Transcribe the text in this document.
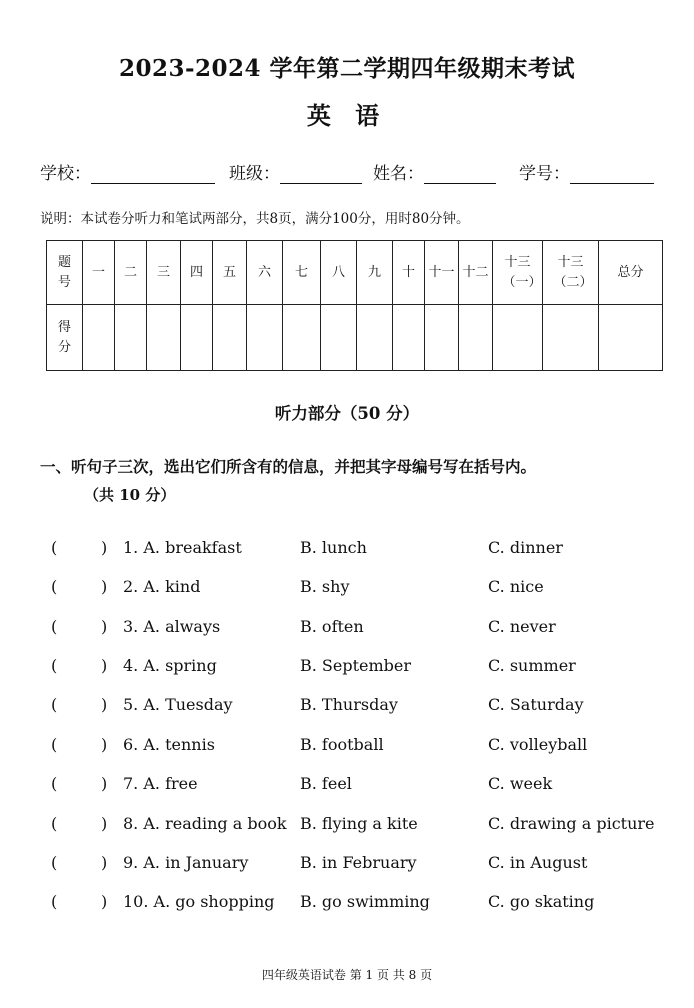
2023-2024 学年第二学期四年级期末考试
英 语
学校：	班级：	姓名：	学号：
说明：本试卷分听力和笔试两部分，共8页，满分100分，用时80分钟。
题号	一	二	三	四	五	六	七	八	九	十	十一	十二	十三（一）	十三（二）	总分

得分															

听力部分（50 分）
一、听句子三次，选出它们所含有的信息，并把其字母编号写在括号内。
（共 10 分）
(	) 1. A. breakfast	B. lunch	C. dinner
(	) 2. A. kind	B. shy	C. nice
(	) 3. A. always	B. often	C. never
(	) 4. A. spring	B. September	C. summer
(	) 5. A. Tuesday	B. Thursday	C. Saturday
(	) 6. A. tennis	B. football	C. volleyball
(	) 7. A. free	B. feel	C. week
(	) 8. A. reading a book B. flying a kite	C. drawing a picture
(	) 9. A. in January	B. in February	C. in August
(	) 10. A. go shopping B. go swimming	C. go skating
四年级英语试卷 第 1 页 共 8 页
